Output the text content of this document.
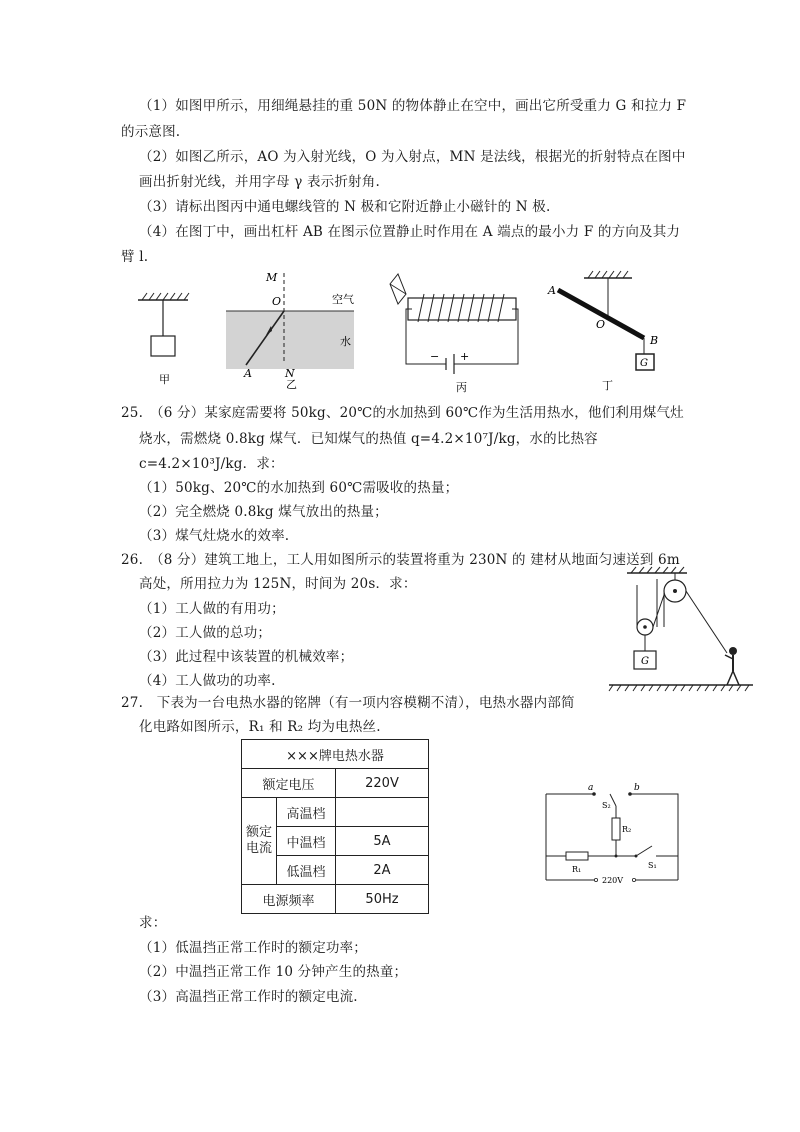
（1）如图甲所示，用细绳悬挂的重 50N 的物体静止在空中，画出它所受重力 G 和拉力 F
的示意图.
（2）如图乙所示，AO 为入射光线，O 为入射点，MN 是法线，根据光的折射特点在图中
画出折射光线，并用字母 γ 表示折射角.
（3）请标出图丙中通电螺线管的 N 极和它附近静止小磁针的 N 极.
（4）在图丁中，画出杠杆 AB 在图示位置静止时作用在 A 端点的最小力 F 的方向及其力
臂 l.
甲
M
O	空气
水
A	N
乙
− +
丙
G
A
O
B
丁
25.　（6 分）某家庭需要将 50kg、20℃的水加热到 60℃作为生活用热水，他们利用煤气灶
烧水，需燃烧 0.8kg 煤气．已知煤气的热值 q=4.2×10⁷J/kg，水的比热容
c=4.2×10³J/kg．求：
（1）50kg、20℃的水加热到 60℃需吸收的热量；
（2）完全燃烧 0.8kg 煤气放出的热量；
（3）煤气灶烧水的效率.
26.　（8 分）建筑工地上，工人用如图所示的装置将重为 230N 的 建材从地面匀速送到 6m
高处，所用拉力为 125N，时间为 20s．求：
（1）工人做的有用功；
（2）工人做的总功；
（3）此过程中该装置的机械效率；
（4）工人做功的功率.
G
27.　下表为一台电热水器的铭牌（有一项内容模糊不清），电热水器内部简
化电路如图所示，R₁ 和 R₂ 均为电热丝.
×××牌电热水器		
额定电压		220V
额定
电流	高温档	
	中温档	5A
	低温档	2A
电源频率		50Hz
a	b
S₂
R₂
R₁	S₁
220V
求：
（1）低温挡正常工作时的额定功率；
（2）中温挡正常工作 10 分钟产生的热童；
（3）高温挡正常工作时的额定电流.
